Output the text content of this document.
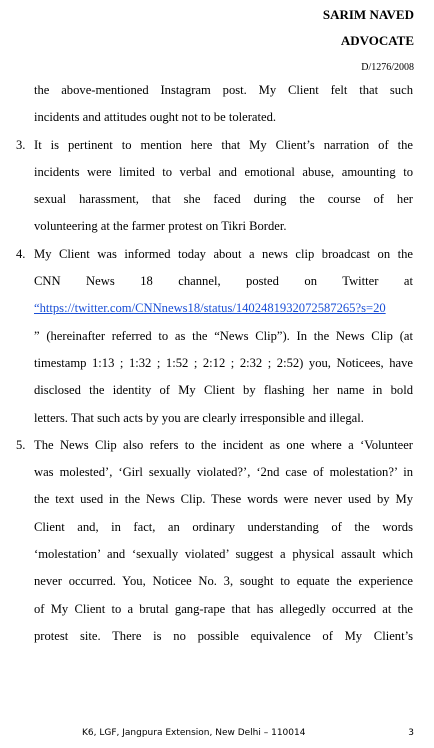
SARIM NAVED
ADVOCATE
D/1276/2008
the above-mentioned Instagram post. My Client felt that such
incidents and attitudes ought not to be tolerated.
3. It is pertinent to mention here that My Client’s narration of the
incidents were limited to verbal and emotional abuse, amounting to
sexual harassment, that she faced during the course of her
volunteering at the farmer protest on Tikri Border.
4. My Client was informed today about a news clip broadcast on the
CNN News 18 channel, posted on Twitter at
“https://twitter.com/CNNnews18/status/1402481932072587265?s=20
” (hereinafter referred to as the “News Clip”). In the News Clip (at
timestamp 1:13 ; 1:32 ; 1:52 ; 2:12 ; 2:32 ; 2:52) you, Noticees, have
disclosed the identity of My Client by flashing her name in bold
letters. That such acts by you are clearly irresponsible and illegal.
5. The News Clip also refers to the incident as one where a ‘Volunteer
was molested’, ‘Girl sexually violated?’, ‘2nd case of molestation?’ in
the text used in the News Clip. These words were never used by My
Client and, in fact, an ordinary understanding of the words
‘molestation’ and ‘sexually violated’ suggest a physical assault which
never occurred. You, Noticee No. 3, sought to equate the experience
of My Client to a brutal gang-rape that has allegedly occurred at the
protest site. There is no possible equivalence of My Client’s
K6, LGF, Jangpura Extension, New Delhi – 110014	3
